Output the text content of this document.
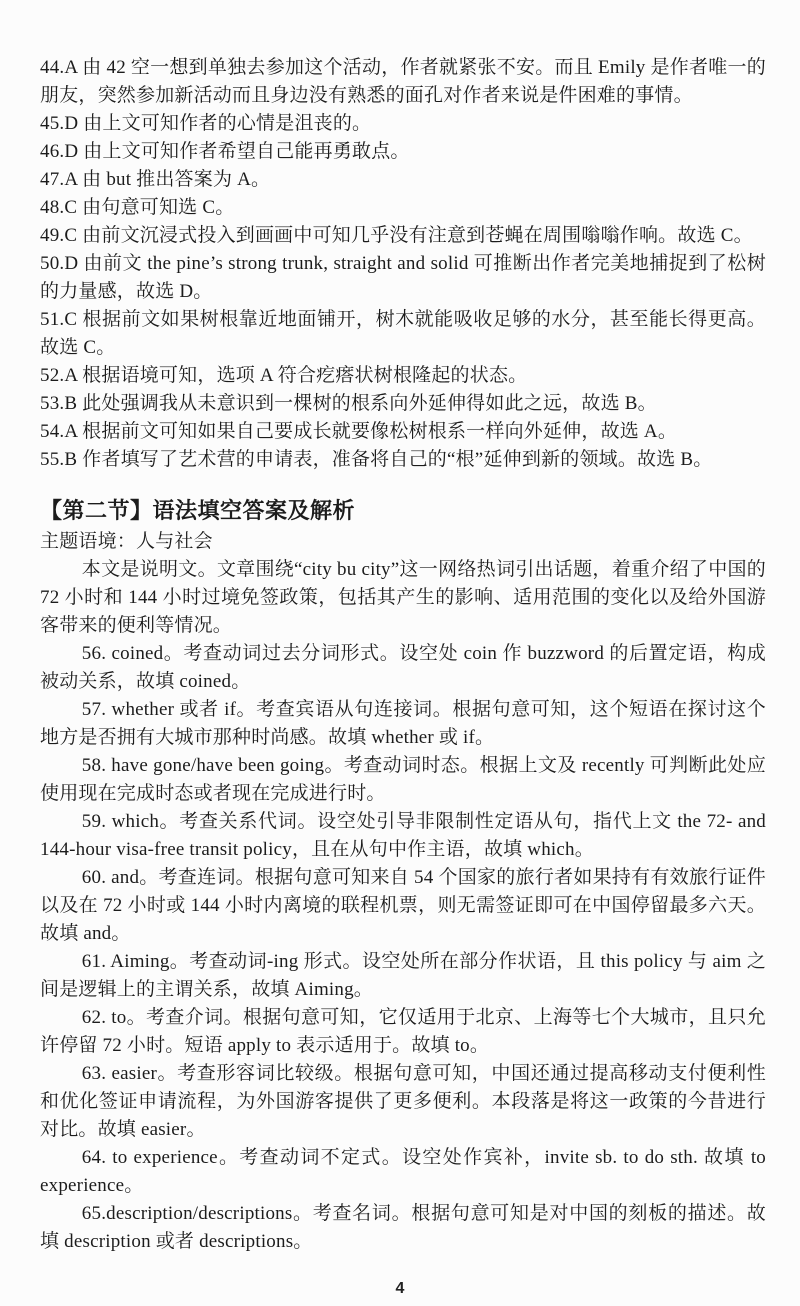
44.A 由 42 空一想到单独去参加这个活动，作者就紧张不安。而且 Emily 是作者唯一的朋友，突然参加新活动而且身边没有熟悉的面孔对作者来说是件困难的事情。

45.D 由上文可知作者的心情是沮丧的。

46.D 由上文可知作者希望自己能再勇敢点。

47.A 由 but 推出答案为 A。

48.C 由句意可知选 C。

49.C 由前文沉浸式投入到画画中可知几乎没有注意到苍蝇在周围嗡嗡作响。故选 C。

50.D 由前文 the pine’s strong trunk, straight and solid 可推断出作者完美地捕捉到了松树的力量感，故选 D。

51.C 根据前文如果树根靠近地面铺开，树木就能吸收足够的水分，甚至能长得更高。故选 C。

52.A 根据语境可知，选项 A 符合疙瘩状树根隆起的状态。

53.B 此处强调我从未意识到一棵树的根系向外延伸得如此之远，故选 B。

54.A 根据前文可知如果自己要成长就要像松树根系一样向外延伸，故选 A。

55.B 作者填写了艺术营的申请表，准备将自己的“根”延伸到新的领域。故选 B。

【第二节】语法填空答案及解析

主题语境：人与社会

本文是说明文。文章围绕“city bu city”这一网络热词引出话题，着重介绍了中国的 72 小时和 144 小时过境免签政策，包括其产生的影响、适用范围的变化以及给外国游客带来的便利等情况。

56. coined。考查动词过去分词形式。设空处 coin 作 buzzword 的后置定语，构成被动关系，故填 coined。

57. whether 或者 if。考查宾语从句连接词。根据句意可知，这个短语在探讨这个地方是否拥有大城市那种时尚感。故填 whether 或 if。

58. have gone/have been going。考查动词时态。根据上文及 recently 可判断此处应使用现在完成时态或者现在完成进行时。

59. which。考查关系代词。设空处引导非限制性定语从句，指代上文 the 72- and 144-hour visa-free transit policy，且在从句中作主语，故填 which。

60. and。考查连词。根据句意可知来自 54 个国家的旅行者如果持有有效旅行证件以及在 72 小时或 144 小时内离境的联程机票，则无需签证即可在中国停留最多六天。故填 and。

61. Aiming。考查动词-ing 形式。设空处所在部分作状语，且 this policy 与 aim 之间是逻辑上的主谓关系，故填 Aiming。

62. to。考查介词。根据句意可知，它仅适用于北京、上海等七个大城市，且只允许停留 72 小时。短语 apply to 表示适用于。故填 to。

63. easier。考查形容词比较级。根据句意可知，中国还通过提高移动支付便利性和优化签证申请流程，为外国游客提供了更多便利。本段落是将这一政策的今昔进行对比。故填 easier。

64. to experience。考查动词不定式。设空处作宾补，invite sb. to do sth. 故填 to experience。

65.description/descriptions。考查名词。根据句意可知是对中国的刻板的描述。故填 description 或者 descriptions。

4
